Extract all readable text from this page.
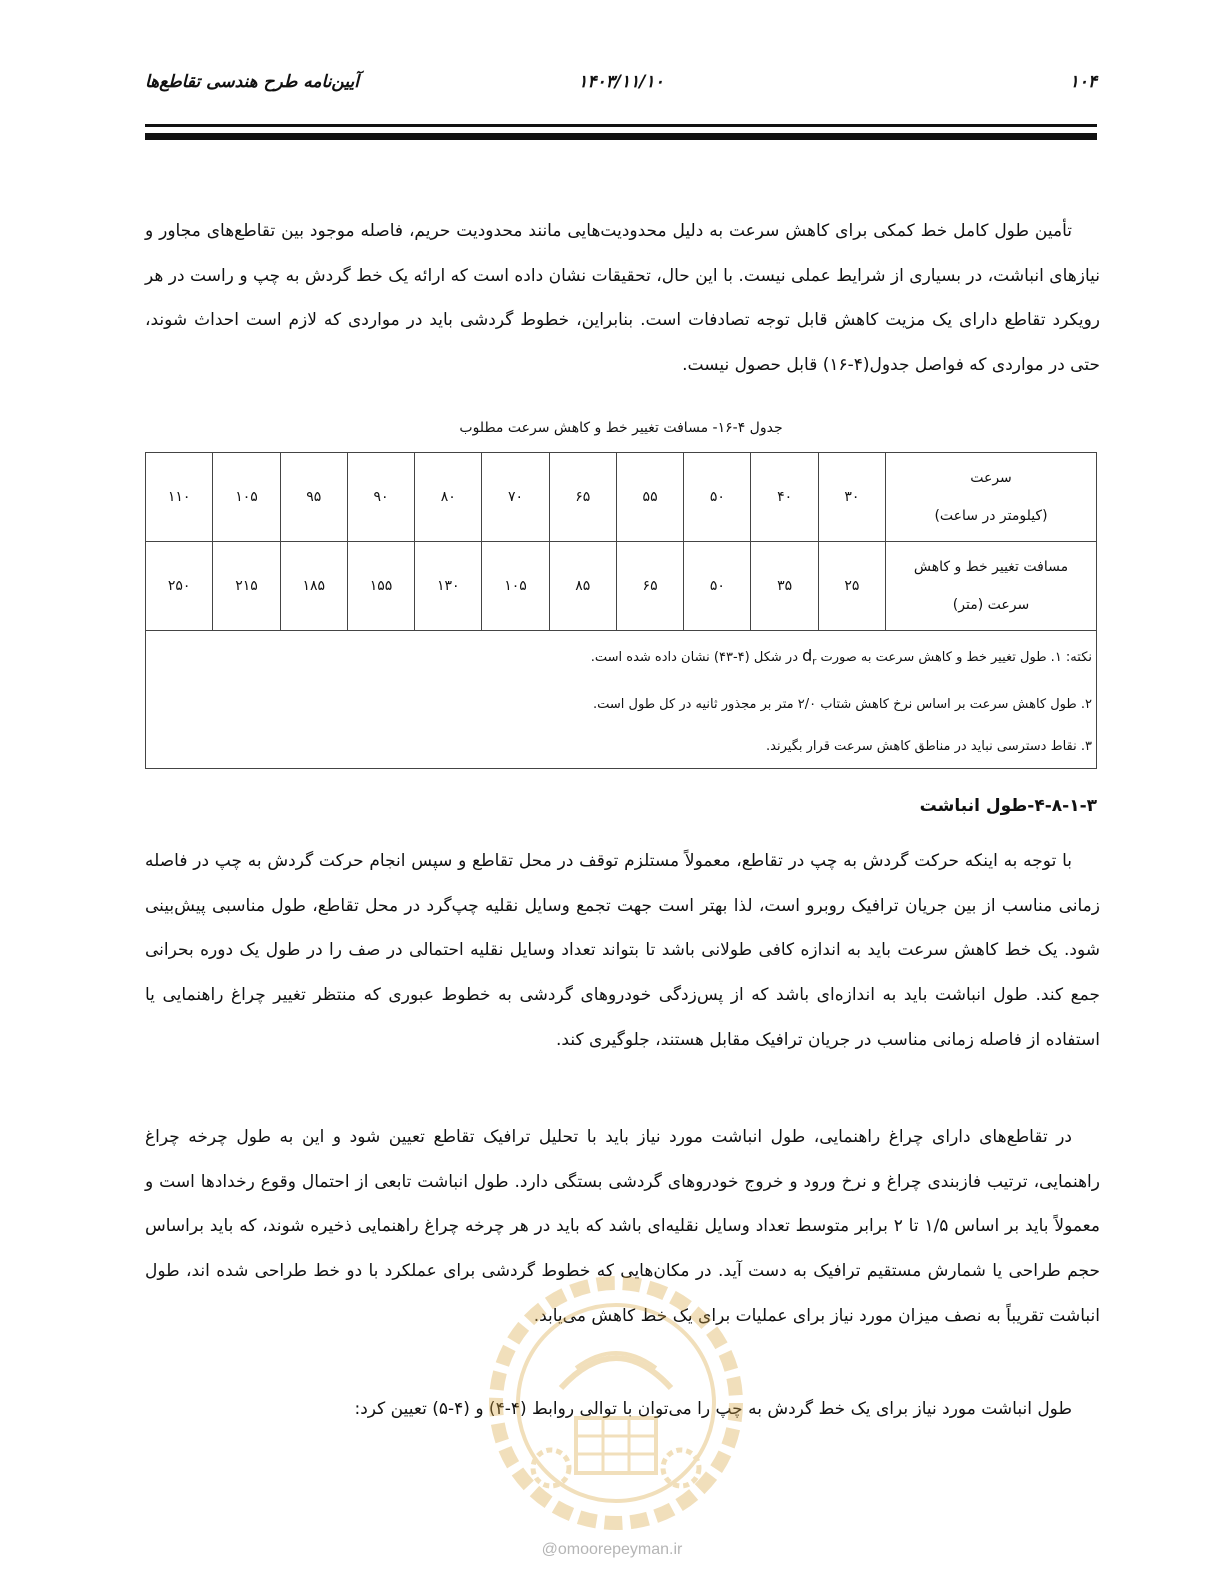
۱۰۴
۱۴۰۳/۱۱/۱۰
آیین‌نامه طرح هندسی تقاطع‌ها
تأمین طول کامل خط کمکی برای کاهش سرعت به دلیل محدودیت‌هایی مانند محدودیت حریم، فاصله موجود بین تقاطع‌های مجاور و نیازهای انباشت، در بسیاری از شرایط عملی نیست. با این حال، تحقیقات نشان داده است که ارائه یک خط گردش به چپ و راست در هر رویکرد تقاطع دارای یک مزیت کاهش قابل توجه تصادفات است. بنابراین، خطوط گردشی باید در مواردی که لازم است احداث شوند، حتی در مواردی که فواصل جدول(۴-۱۶) قابل حصول نیست.
جدول ۴-۱۶- مسافت تغییر خط و کاهش سرعت مطلوب
سرعت
(کیلومتر در ساعت)	۳۰	۴۰	۵۰	۵۵	۶۵	۷۰	۸۰	۹۰	۹۵	۱۰۵	۱۱۰

مسافت تغییر خط و کاهش
سرعت (متر)	۲۵	۳۵	۵۰	۶۵	۸۵	۱۰۵	۱۳۰	۱۵۵	۱۸۵	۲۱۵	۲۵۰

نکته: ۱. طول تغییر خط و کاهش سرعت به صورت $d_r$ در شکل (۴-۴۳) نشان داده شده است.
۲. طول کاهش سرعت بر اساس نرخ کاهش شتاب ۲/۰ متر بر مجذور ثانیه در کل طول است.
۳. نقاط دسترسی نباید در مناطق کاهش سرعت قرار بگیرند.											
۴-۸-۱-۳-طول انباشت
با توجه به اینکه حرکت گردش به چپ در تقاطع، معمولاً مستلزم توقف در محل تقاطع و سپس انجام حرکت گردش به چپ در فاصله زمانی مناسب از بین جریان ترافیک روبرو است، لذا بهتر است جهت تجمع وسایل نقلیه چپ‌گرد در محل تقاطع، طول مناسبی پیش‌بینی شود. یک خط کاهش سرعت باید به اندازه کافی طولانی باشد تا بتواند تعداد وسایل نقلیه احتمالی در صف را در طول یک دوره بحرانی جمع کند. طول انباشت باید به اندازه‌ای باشد که از پس‌زدگی خودروهای گردشی به خطوط عبوری که منتظر تغییر چراغ راهنمایی یا استفاده از فاصله زمانی مناسب در جریان ترافیک مقابل هستند، جلوگیری کند.
در تقاطع‌های دارای چراغ راهنمایی، طول انباشت مورد نیاز باید با تحلیل ترافیک تقاطع تعیین شود و این به طول چرخه چراغ راهنمایی، ترتیب فازبندی چراغ و نرخ ورود و خروج خودروهای گردشی بستگی دارد. طول انباشت تابعی از احتمال وقوع رخدادها است و معمولاً باید بر اساس ۱/۵ تا ۲ برابر متوسط تعداد وسایل نقلیه‌ای باشد که باید در هر چرخه چراغ راهنمایی ذخیره شوند، که باید براساس حجم طراحی یا شمارش مستقیم ترافیک به دست آید. در مکان‌هایی که خطوط گردشی برای عملکرد با دو خط طراحی شده اند، طول انباشت تقریباً به نصف میزان مورد نیاز برای عملیات برای یک خط کاهش می‌یابد.
طول انباشت مورد نیاز برای یک خط گردش به چپ را می‌توان با توالی روابط (۴-۴) و (۴-۵) تعیین کرد:
@omoorepeyman.ir
